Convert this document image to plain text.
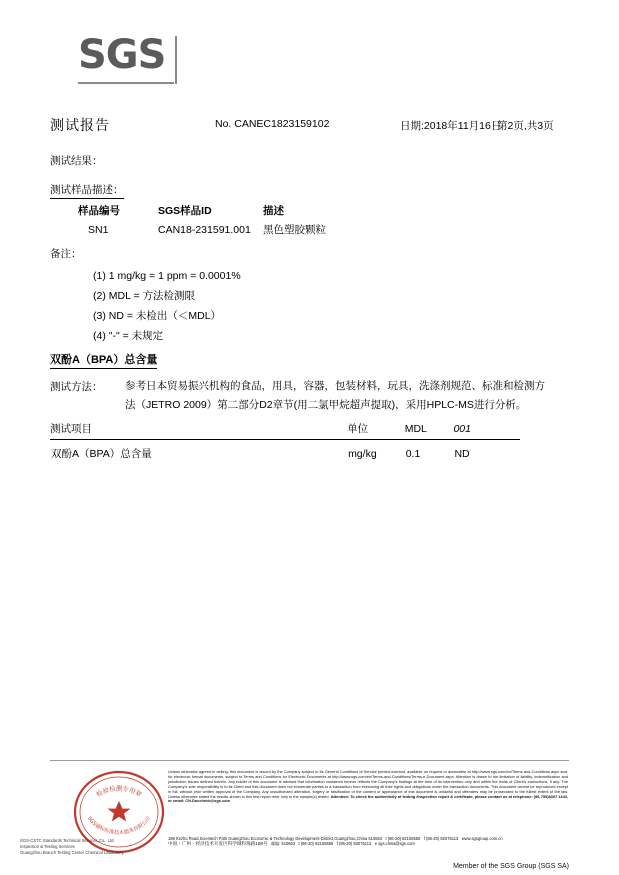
SGS
测试报告	No. CANEC1823159102	日期:2018年11月16日
第2页,共3页
测试结果：
测试样品描述：
样品编号	SGS样品ID	描述
SN1	CAN18-231591.001	黑色塑胶颗粒
备注：
(1) 1 mg/kg = 1 ppm = 0.0001%
(2) MDL = 方法检测限
(3) ND = 未检出（＜MDL）
(4) "-" = 未规定
双酚A（BPA）总含量
测试方法： 参考日本贸易振兴机构的食品，用具，容器，包装材料，玩具，洗涤剂规范、标准和检测方
法（JETRO 2009）第二部分D2章节(用二氯甲烷超声提取)，采用HPLC-MS进行分析。
测试项目	单位	MDL	001
双酚A（BPA）总含量	mg/kg	0.1	ND
检验检测专用章
SGS通标标准技术服务有限公司
SGS-CSTC Standards Technical Services Co., Ltd.
Inspection & Testing Services
Guangzhou Branch Testing Center Chemical Laboratory
Unless otherwise agreed in writing, this document is issued by the Company subject to its General Conditions of Service printed overleaf, available on request or accessible at http://www.sgs.com/en/Terms-and-Conditions.aspx and, for electronic format documents, subject to Terms and Conditions for Electronic Documents at http://www.sgs.com/en/Terms-and-Conditions/Terms-e-Document.aspx. Attention is drawn to the limitation of liability, indemnification and jurisdiction issues defined therein. Any holder of this document is advised that information contained hereon reflects the Company's findings at the time of its intervention only and within the limits of Client's instructions, if any. The Company's sole responsibility is to its Client and this document does not exonerate parties to a transaction from exercising all their rights and obligations under the transaction documents. This document cannot be reproduced except in full, without prior written approval of the Company. Any unauthorized alteration, forgery or falsification of the content or appearance of this document is unlawful and offenders may be prosecuted to the fullest extent of the law. Unless otherwise stated the results shown in this test report refer only to the sample(s) tested. Attention: To check the authenticity of testing /inspection report & certificate, please contact us at telephone: (86-755)8307 1443, or email: CN.Doccheck@sgs.com
198 Kezhu Road,Scientech Park Guangzhou Economic & Technology Development District,Guangzhou,China 510663 t (86-20) 82155555 f (86-20) 82075113 www.sgsgroup.com.cn
中国・广州・经济技术开发区科学城科珠路198号 邮编: 510663 t (86-20) 82155555 f (86-20) 82075113 e sgs.china@sgs.com
Member of the SGS Group (SGS SA)
